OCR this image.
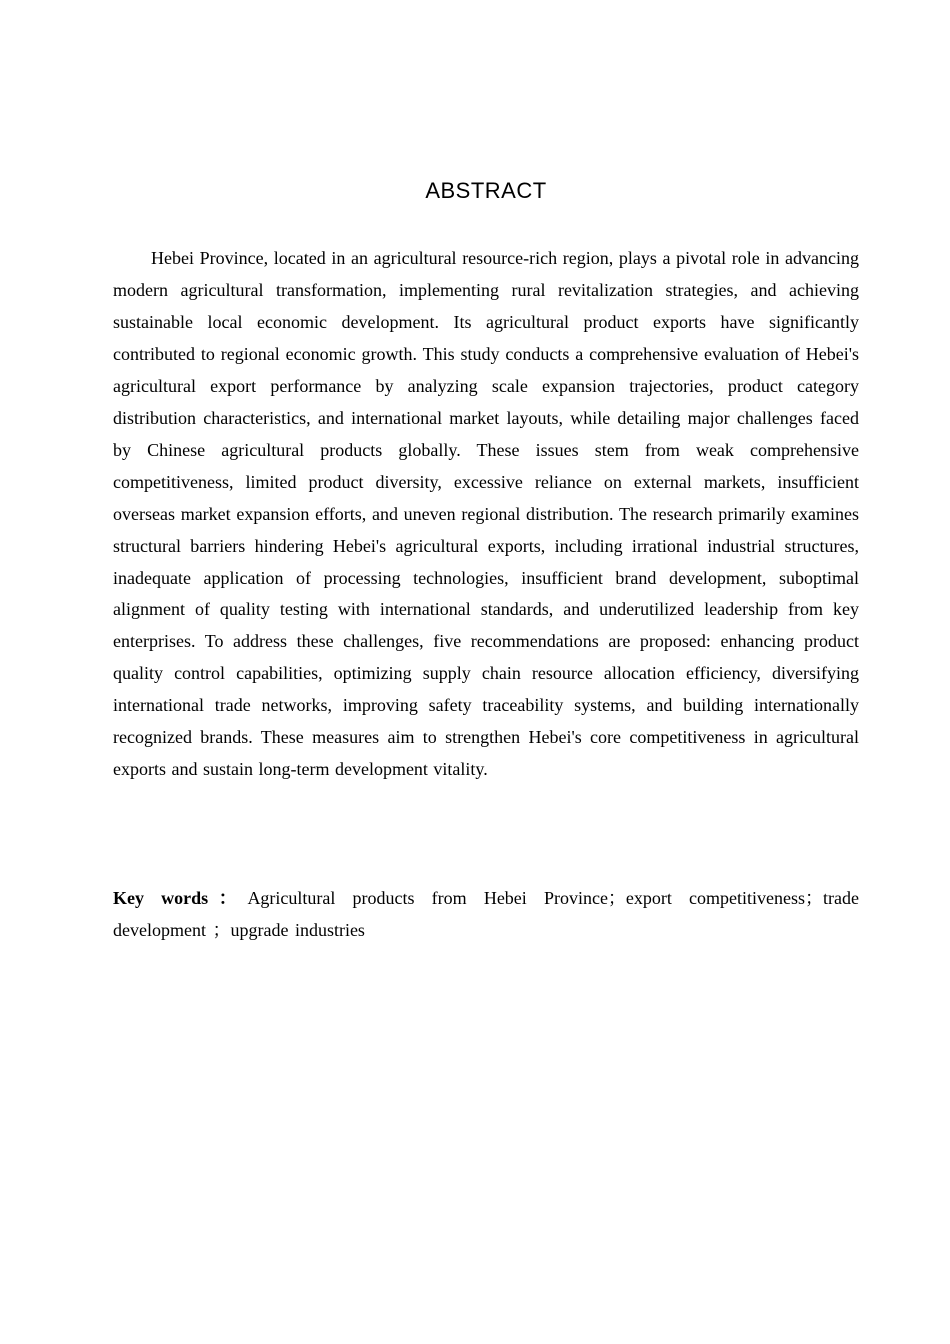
ABSTRACT

Hebei Province, located in an agricultural resource-rich region, plays a pivotal role in advancing modern agricultural transformation, implementing rural revitalization strategies, and achieving sustainable local economic development. Its agricultural product exports have significantly contributed to regional economic growth. This study conducts a comprehensive evaluation of Hebei's agricultural export performance by analyzing scale expansion trajectories, product category distribution characteristics, and international market layouts, while detailing major challenges faced by Chinese agricultural products globally. These issues stem from weak comprehensive competitiveness, limited product diversity, excessive reliance on external markets, insufficient overseas market expansion efforts, and uneven regional distribution. The research primarily examines structural barriers hindering Hebei's agricultural exports, including irrational industrial structures, inadequate application of processing technologies, insufficient brand development, suboptimal alignment of quality testing with international standards, and underutilized leadership from key enterprises. To address these challenges, five recommendations are proposed: enhancing product quality control capabilities, optimizing supply chain resource allocation efficiency, diversifying international trade networks, improving safety traceability systems, and building internationally recognized brands. These measures aim to strengthen Hebei's core competitiveness in agricultural exports and sustain long-term development vitality.

Key words：Agricultural products from Hebei Province；export competitiveness；trade development ；upgrade industries
